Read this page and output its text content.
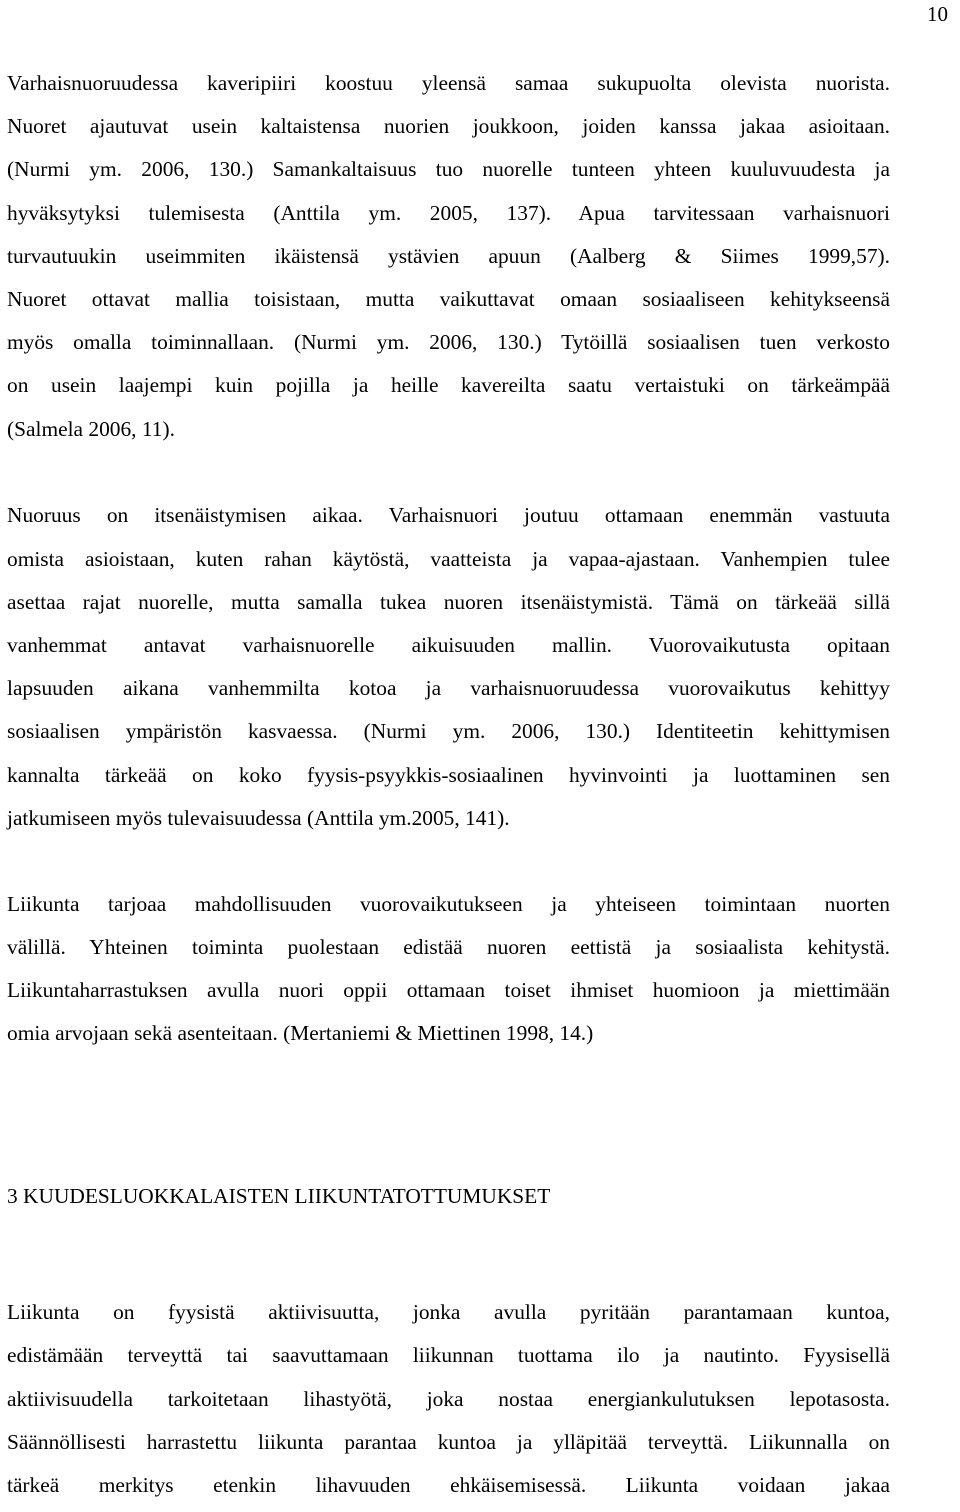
10

Varhaisnuoruudessa kaveripiiri koostuu yleensä samaa sukupuolta olevista nuorista.
Nuoret ajautuvat usein kaltaistensa nuorien joukkoon, joiden kanssa jakaa asioitaan.
(Nurmi ym. 2006, 130.) Samankaltaisuus tuo nuorelle tunteen yhteen kuuluvuudesta ja
hyväksytyksi tulemisesta (Anttila ym. 2005, 137). Apua tarvitessaan varhaisnuori
turvautuukin useimmiten ikäistensä ystävien apuun (Aalberg & Siimes 1999,57).
Nuoret ottavat mallia toisistaan, mutta vaikuttavat omaan sosiaaliseen kehitykseensä
myös omalla toiminnallaan. (Nurmi ym. 2006, 130.) Tytöillä sosiaalisen tuen verkosto
on usein laajempi kuin pojilla ja heille kavereilta saatu vertaistuki on tärkeämpää
(Salmela 2006, 11).

Nuoruus on itsenäistymisen aikaa. Varhaisnuori joutuu ottamaan enemmän vastuuta
omista asioistaan, kuten rahan käytöstä, vaatteista ja vapaa-ajastaan. Vanhempien tulee
asettaa rajat nuorelle, mutta samalla tukea nuoren itsenäistymistä. Tämä on tärkeää sillä
vanhemmat antavat varhaisnuorelle aikuisuuden mallin. Vuorovaikutusta opitaan
lapsuuden aikana vanhemmilta kotoa ja varhaisnuoruudessa vuorovaikutus kehittyy
sosiaalisen ympäristön kasvaessa. (Nurmi ym. 2006, 130.) Identiteetin kehittymisen
kannalta tärkeää on koko fyysis-psyykkis-sosiaalinen hyvinvointi ja luottaminen sen
jatkumiseen myös tulevaisuudessa (Anttila ym.2005, 141).

Liikunta tarjoaa mahdollisuuden vuorovaikutukseen ja yhteiseen toimintaan nuorten
välillä. Yhteinen toiminta puolestaan edistää nuoren eettistä ja sosiaalista kehitystä.
Liikuntaharrastuksen avulla nuori oppii ottamaan toiset ihmiset huomioon ja miettimään
omia arvojaan sekä asenteitaan. (Mertaniemi & Miettinen 1998, 14.)

3 KUUDESLUOKKALAISTEN LIIKUNTATOTTUMUKSET

Liikunta on fyysistä aktiivisuutta, jonka avulla pyritään parantamaan kuntoa,
edistämään terveyttä tai saavuttamaan liikunnan tuottama ilo ja nautinto. Fyysisellä
aktiivisuudella tarkoitetaan lihastyötä, joka nostaa energiankulutuksen lepotasosta.
Säännöllisesti harrastettu liikunta parantaa kuntoa ja ylläpitää terveyttä. Liikunnalla on
tärkeä merkitys etenkin lihavuuden ehkäisemisessä. Liikunta voidaan jakaa
